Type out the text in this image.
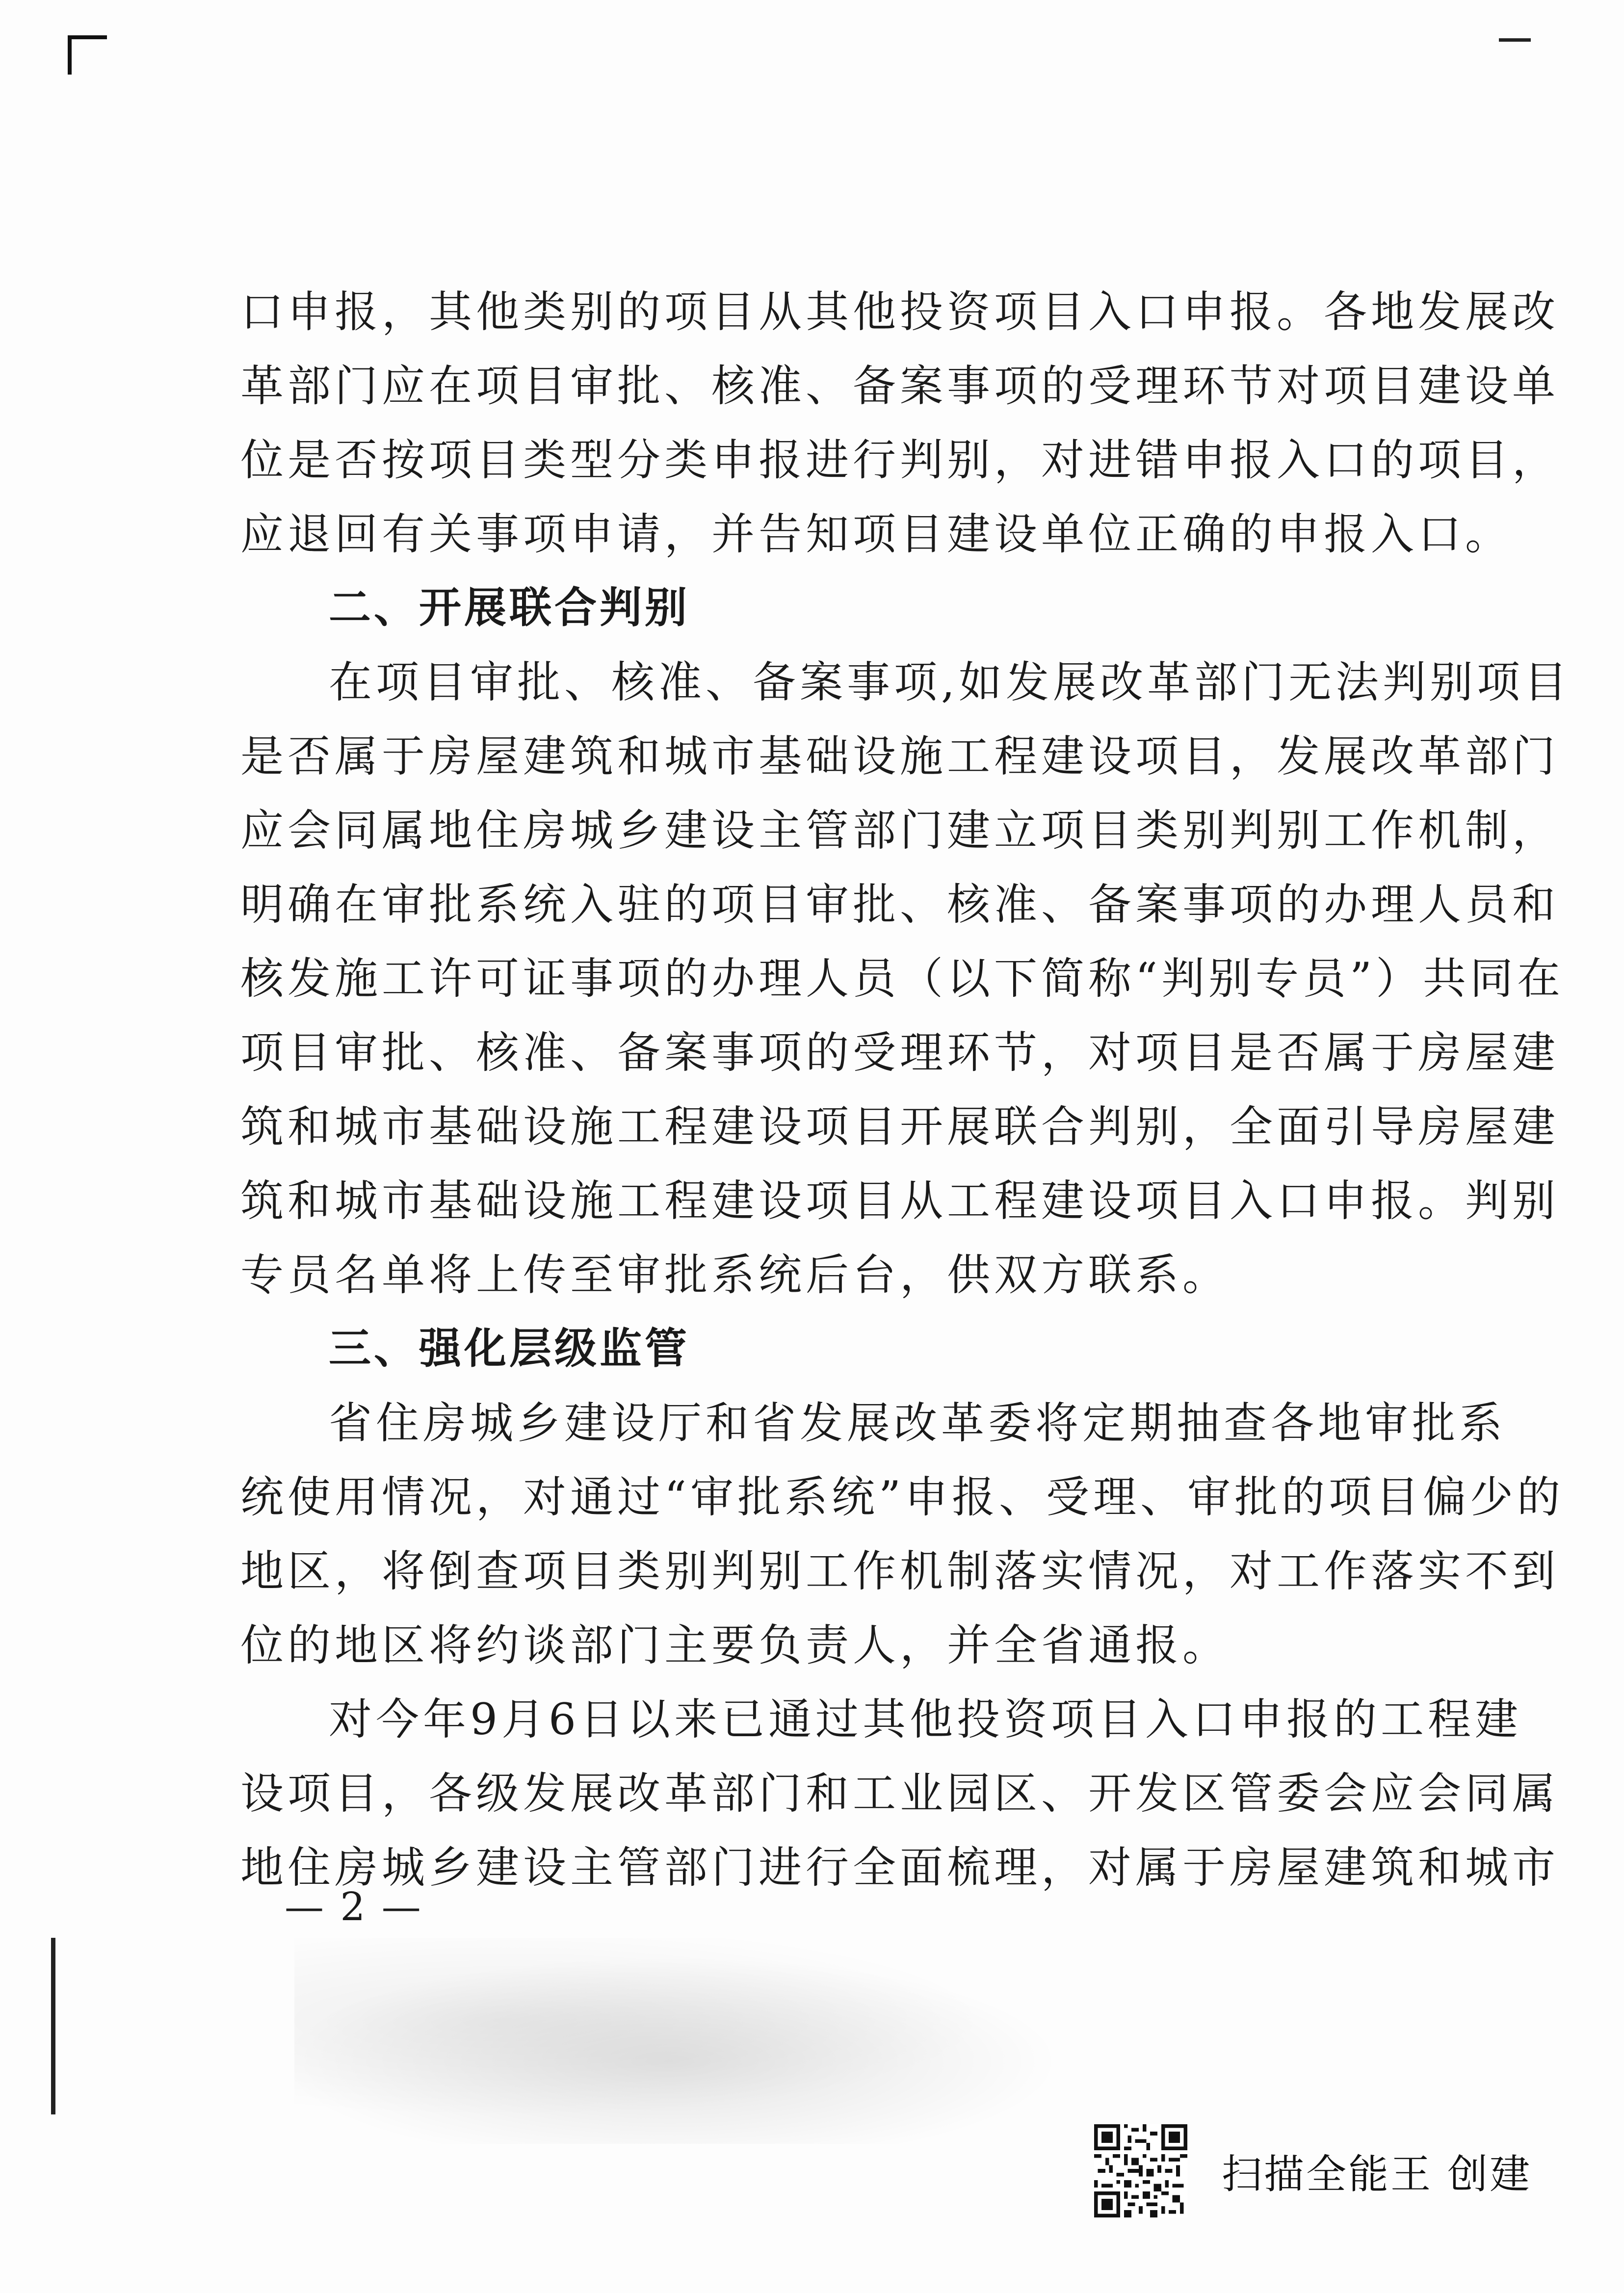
口申报，其他类别的项目从其他投资项目入口申报。各地发展改
革部门应在项目审批、核准、备案事项的受理环节对项目建设单
位是否按项目类型分类申报进行判别，对进错申报入口的项目，
应退回有关事项申请，并告知项目建设单位正确的申报入口。
二、开展联合判别
在项目审批、核准、备案事项,如发展改革部门无法判别项目
是否属于房屋建筑和城市基础设施工程建设项目，发展改革部门
应会同属地住房城乡建设主管部门建立项目类别判别工作机制，
明确在审批系统入驻的项目审批、核准、备案事项的办理人员和
核发施工许可证事项的办理人员（以下简称“判别专员”）共同在
项目审批、核准、备案事项的受理环节，对项目是否属于房屋建
筑和城市基础设施工程建设项目开展联合判别，全面引导房屋建
筑和城市基础设施工程建设项目从工程建设项目入口申报。判别
专员名单将上传至审批系统后台，供双方联系。
三、强化层级监管
省住房城乡建设厅和省发展改革委将定期抽查各地审批系
统使用情况，对通过“审批系统”申报、受理、审批的项目偏少的
地区，将倒查项目类别判别工作机制落实情况，对工作落实不到
位的地区将约谈部门主要负责人，并全省通报。
对今年9月6日以来已通过其他投资项目入口申报的工程建
设项目，各级发展改革部门和工业园区、开发区管委会应会同属
地住房城乡建设主管部门进行全面梳理，对属于房屋建筑和城市
— 2 —
扫描全能王 创建
